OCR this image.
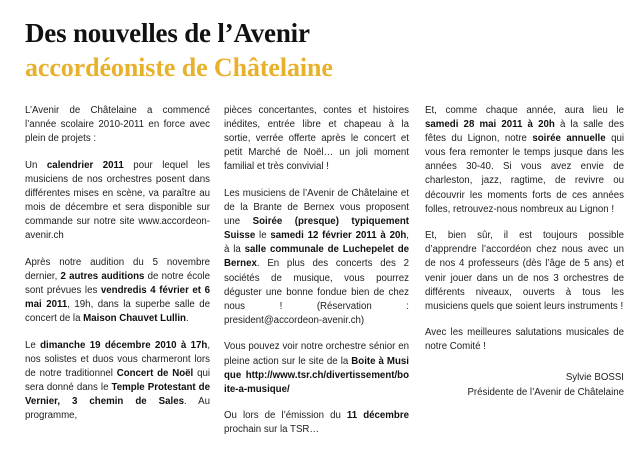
Des nouvelles de l’Avenir
accordéoniste de Châtelaine

L’Avenir de Châtelaine a commencé l’année scolaire 2010-2011 en force avec plein de projets :

Un calendrier 2011 pour lequel les musiciens de nos orchestres posent dans différentes mises en scène, va paraître au mois de décembre et sera disponible sur commande sur notre site www.accordeon-avenir.ch

Après notre audition du 5 novembre dernier, 2 autres auditions de notre école sont prévues les vendredis 4 février et 6 mai 2011, 19h, dans la superbe salle de concert de la Maison Chauvet Lullin.

Le dimanche 19 décembre 2010 à 17h, nos solistes et duos vous charmeront lors de notre traditionnel Concert de Noël qui sera donné dans le Temple Protestant de Vernier, 3 chemin de Sales. Au programme,

pièces concertantes, contes et histoires inédites, entrée libre et chapeau à la sortie, verrée offerte après le concert et petit Marché de Noël… un joli moment familial et très convivial !

Les musiciens de l’Avenir de Châtelaine et de la Brante de Bernex vous proposent une Soirée (presque) typiquement Suisse le samedi 12 février 2011 à 20h, à la salle communale de Luchepelet de Bernex. En plus des concerts des 2 sociétés de musique, vous pourrez déguster une bonne fondue bien de chez nous ! (Réservation : president@accordeon-avenir.ch)

Vous pouvez voir notre orchestre sénior en pleine action sur le site de la Boite à Musique http://www.tsr.ch/divertissement/boite-a-musique/

Ou lors de l’émission du 11 décembre prochain sur la TSR…

Et, comme chaque année, aura lieu le samedi 28 mai 2011 à 20h à la salle des fêtes du Lignon, notre soirée annuelle qui vous fera remonter le temps jusque dans les années 30-40. Si vous avez envie de charleston, jazz, ragtime, de revivre ou découvrir les moments forts de ces années folles, retrouvez-nous nombreux au Lignon !

Et, bien sûr, il est toujours possible d’apprendre l’accordéon chez nous avec un de nos 4 professeurs (dès l’âge de 5 ans) et venir jouer dans un de nos 3 orchestres de différents niveaux, ouverts à tous les musiciens quels que soient leurs instruments !

Avec les meilleures salutations musicales de notre Comité !

Sylvie BOSSI
Présidente de l’Avenir de Châtelaine
